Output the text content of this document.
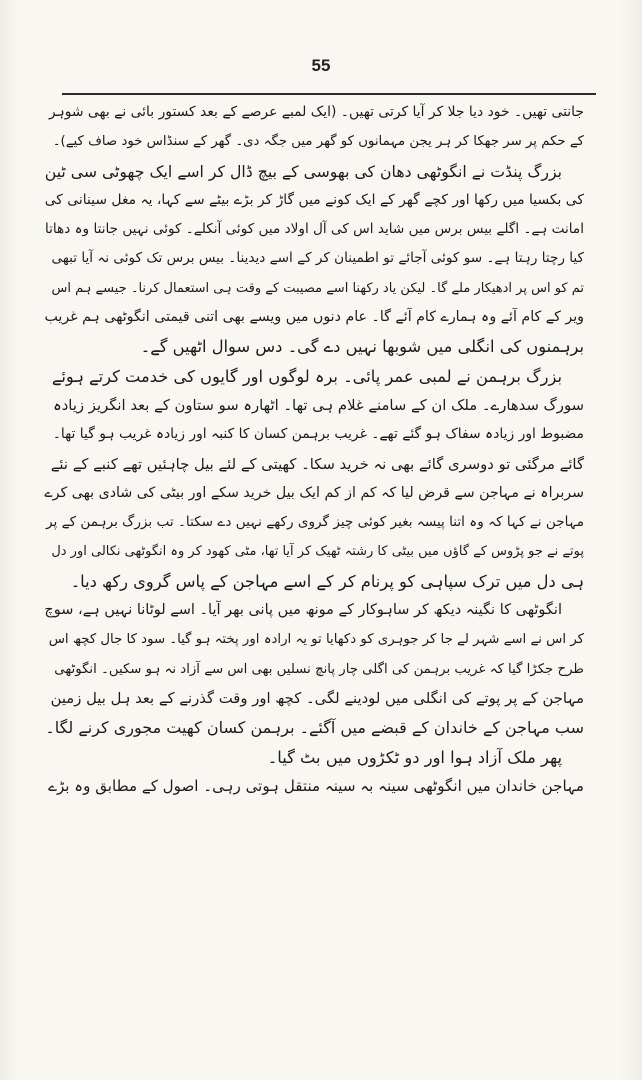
55
جانتی تھیں۔ خود دیا جلا کر آیا کرتی تھیں۔ (ایک لمبے عرصے کے بعد کستور بائی نے بھی شوہر
کے حکم پر سر جھکا کر ہر یجن مہمانوں کو گھر میں جگہ دی۔ گھر کے سنڈاس خود صاف کیے)۔
بزرگ پنڈت نے انگوٹھی دھان کی بھوسی کے بیچ ڈال کر اسے ایک چھوٹی سی ٹین
کی بکسیا میں رکھا اور کچے گھر کے ایک کونے میں گاڑ کر بڑے بیٹے سے کہا، یہ مغل سینانی کی
امانت ہے۔ اگلے بیس برس میں شاید اس کی آل اولاد میں کوئی آنکلے۔ کوئی نہیں جانتا وہ دھاتا
کیا رچتا رہتا ہے۔ سو کوئی آجائے تو اطمینان کر کے اسے دیدینا۔ بیس برس تک کوئی نہ آیا تبھی
تم کو اس پر ادھیکار ملے گا۔ لیکن یاد رکھنا اسے مصیبت کے وقت ہی استعمال کرنا۔ جیسے ہم اس
ویر کے کام آئے وہ ہمارے کام آئے گا۔ عام دنوں میں ویسے بھی اتنی قیمتی انگوٹھی ہم غریب
برہمنوں کی انگلی میں شوبھا نہیں دے گی۔ دس سوال اٹھیں گے۔
بزرگ برہمن نے لمبی عمر پائی۔ برہ لوگوں اور گایوں کی خدمت کرتے ہوئے
سورگ سدھارے۔ ملک ان کے سامنے غلام ہی تھا۔ اٹھارہ سو ستاون کے بعد انگریز زیادہ
مضبوط اور زیادہ سفاک ہو گئے تھے۔ غریب برہمن کسان کا کنبہ اور زیادہ غریب ہو گیا تھا۔
گائے مرگئی تو دوسری گائے بھی نہ خرید سکا۔ کھیتی کے لئے بیل چاہئیں تھے کنبے کے نئے
سربراہ نے مہاجن سے قرض لیا کہ کم از کم ایک بیل خرید سکے اور بیٹی کی شادی بھی کرے
مہاجن نے کہا کہ وہ اتنا پیسہ بغیر کوئی چیز گروی رکھے نہیں دے سکتا۔ تب بزرگ برہمن کے پر
پوتے نے جو پڑوس کے گاؤں میں بیٹی کا رشتہ ٹھیک کر آیا تھا، مٹی کھود کر وہ انگوٹھی نکالی اور دل
ہی دل میں ترک سپاہی کو پرنام کر کے اسے مہاجن کے پاس گروی رکھ دیا۔
انگوٹھی کا نگینہ دیکھ کر ساہوکار کے مونھ میں پانی بھر آیا۔ اسے لوٹانا نہیں ہے، سوچ
کر اس نے اسے شہر لے جا کر جوہری کو دکھایا تو یہ ارادہ اور پختہ ہو گیا۔ سود کا جال کچھ اس
طرح جکڑا گیا کہ غریب برہمن کی اگلی چار پانچ نسلیں بھی اس سے آزاد نہ ہو سکیں۔ انگوٹھی
مہاجن کے پر پوتے کی انگلی میں لودینے لگی۔ کچھ اور وقت گذرنے کے بعد ہل بیل زمین
سب مہاجن کے خاندان کے قبضے میں آگئے۔ برہمن کسان کھیت مجوری کرنے لگا۔
پھر ملک آزاد ہوا اور دو ٹکڑوں میں بٹ گیا۔
مہاجن خاندان میں انگوٹھی سینہ بہ سینہ منتقل ہوتی رہی۔ اصول کے مطابق وہ بڑے
